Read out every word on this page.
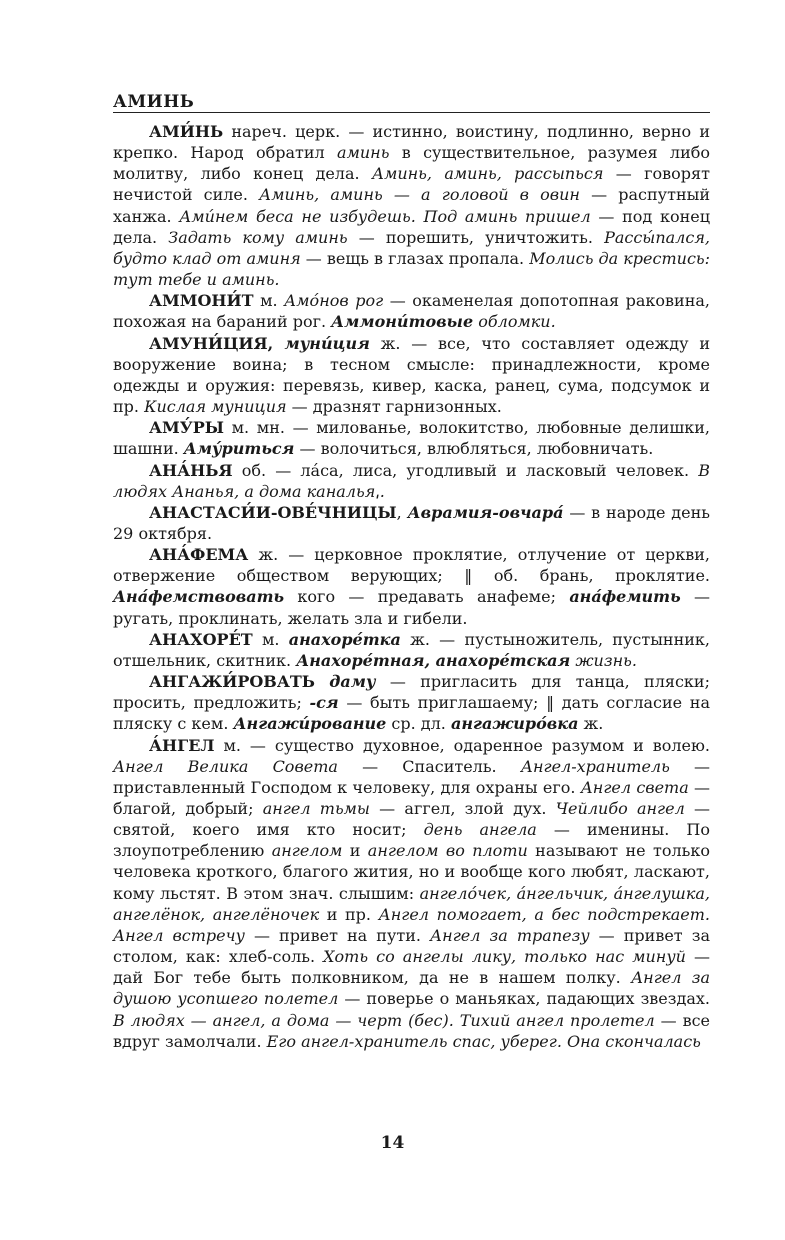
АМИНЬ

АМИ́НЬ нареч. церк. — истинно, воистину, подлинно, верно и крепко. Народ обратил аминь в существительное, разумея либо молитву, либо конец дела. Аминь, аминь, рассыпься — говорят нечистой силе. Аминь, аминь — а головой в овин — распутный ханжа. Ами́нем беса не избудешь. Под аминь пришел — под конец дела. Задать кому аминь — порешить, уничтожить. Рассы́пался, будто клад от аминя — вещь в глазах пропала. Молись да крестись: тут тебе и аминь.

АММОНИ́Т м. Амо́нов рог — окаменелая допотопная раковина, похожая на бараний рог. Аммони́товые обломки.

АМУНИ́ЦИЯ, муни́ция ж. — все, что составляет одежду и вооружение воина; в тесном смысле: принадлежности, кроме одежды и оружия: перевязь, кивер, каска, ранец, сума, подсумок и пр. Кислая муниция — дразнят гарнизонных.

АМУ́РЫ м. мн. — милованье, волокитство, любовные делишки, шашни. Аму́риться — волочиться, влюбляться, любовничать.

АНА́НЬЯ об. — ла́са, лиса, угодливый и ласковый человек. В людях Ананья, а дома канальяˌ.

АНАСТАСИ́И-ОВЕ́ЧНИЦЫ, Аврамия-овчара́ — в народе день 29 октября.

АНА́ФЕМА ж. — церковное проклятие, отлучение от церкви, отвержение обществом верующих; ‖ об. брань, проклятие. Ана́фемствовать кого — предавать анафеме; ана́фемить — ругать, проклинать, желать зла и гибели.

АНАХОРЕ́Т м. анахоре́тка ж. — пустыножитель, пустынник, отшельник, скитник. Анахоре́тная, анахоре́тская жизнь.

АНГАЖИ́РОВАТЬ даму — пригласить для танца, пляски; просить, предложить; -ся — быть приглашаему; ‖ дать согласие на пляску с кем. Ангажи́рование ср. дл. ангажиро́вка ж.

А́НГЕЛ м. — существо духовное, одаренное разумом и волею. Ангел Велика Совета — Спаситель. Ангел-хранитель — приставленный Господом к человеку, для охраны его. Ангел света — благой, добрый; ангел тьмы — аггел, злой дух. Чейлибо ангел — святой, коего имя кто носит; день ангела — именины. По злоупотреблению ангелом и ангелом во плоти называют не только человека кроткого, благого жития, но и вообще кого любят, ласкают, кому льстят. В этом знач. слышим: ангело́чек, а́нгельчик, а́нгелушка, ангелёнок, ангелёночек и пр. Ангел помогает, а бес подстрекает. Ангел встречу — привет на пути. Ангел за трапезу — привет за столом, как: хлеб-соль. Хоть со ангелы лику, только нас минуй — дай Бог тебе быть полковником, да не в нашем полку. Ангел за душою усопшего полетел — поверье о маньяках, падающих звездах. В людях — ангел, а дома — черт (бес). Тихий ангел пролетел — все вдруг замолчали. Его ангел-хранитель спас, уберег. Она скончалась

14
